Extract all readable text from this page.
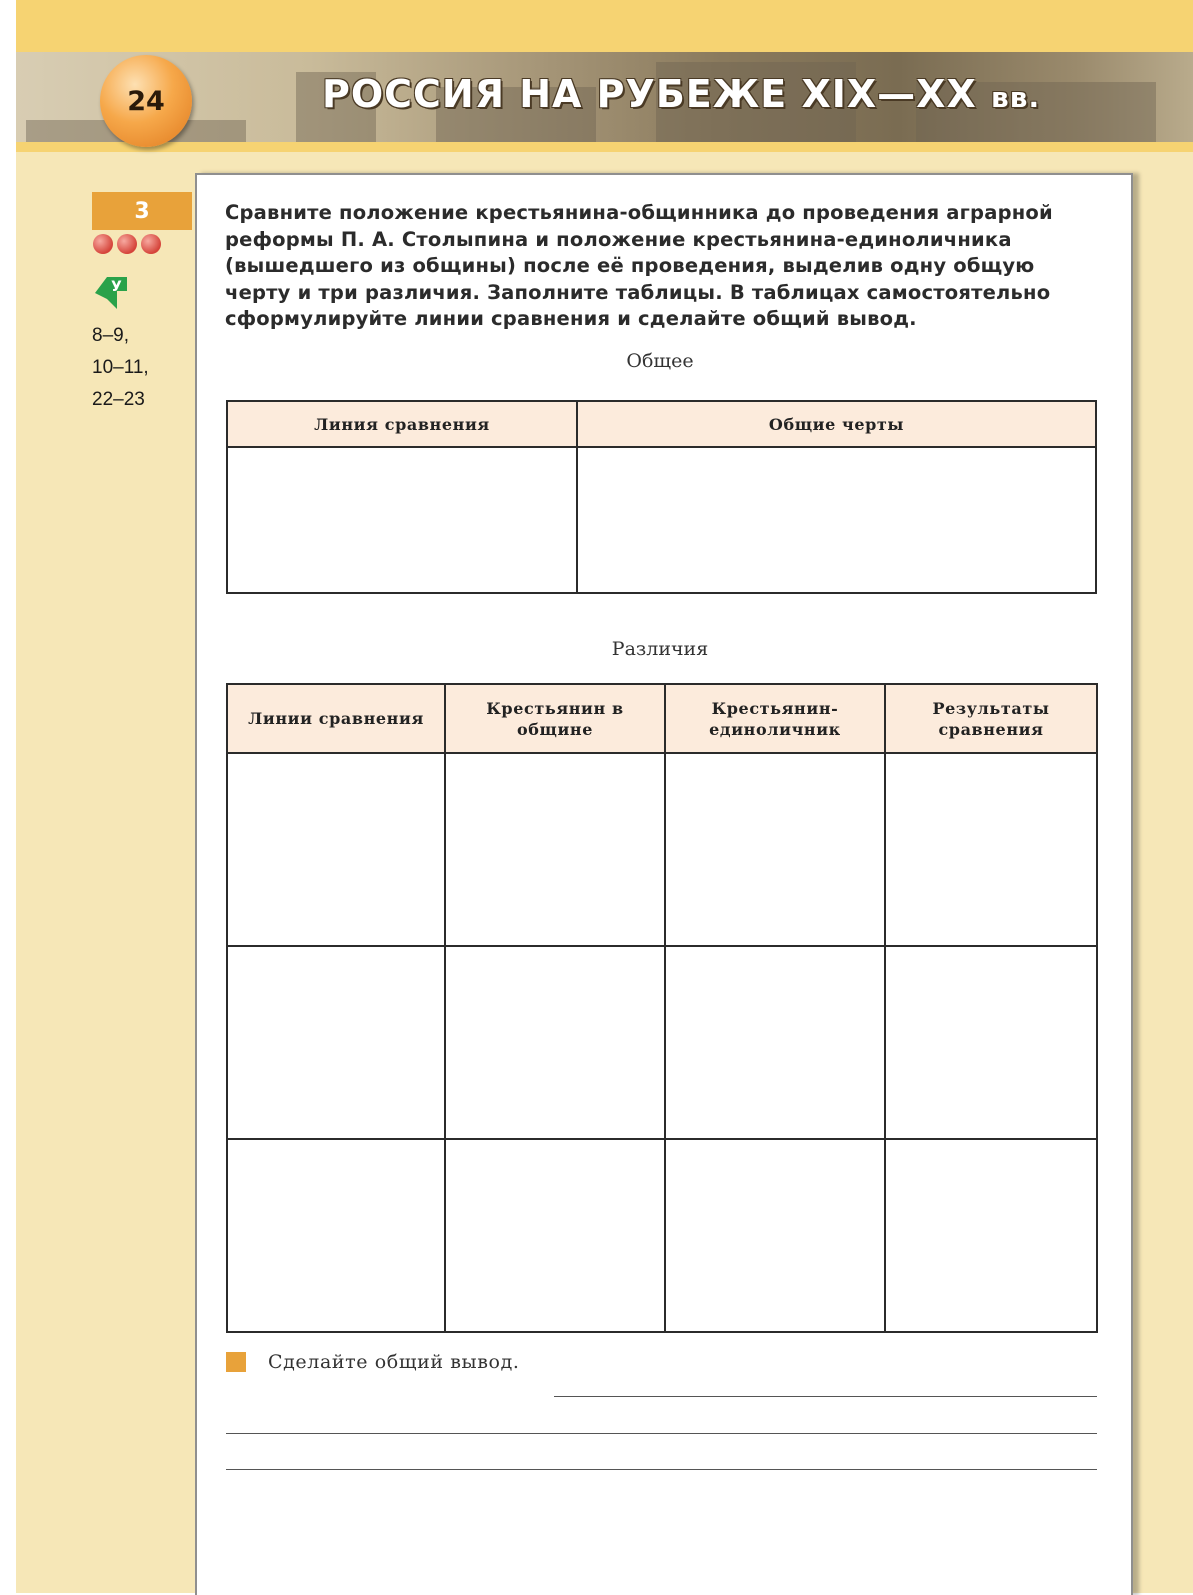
24	РОССИЯ НА РУБЕЖЕ XIX—XX вв.
3
У
8–9,
10–11,
22–23
Сравните положение крестьянина-общинника до проведения аграрной реформы П. А. Столыпина и положение крестьянина-единоличника (вышедшего из общины) после её проведения, выделив одну общую черту и три различия. Заполните таблицы. В таблицах самостоятельно сформулируйте линии сравнения и сделайте общий вывод.
Общее
Линия сравнения	Общие черты

Различия
Линии сравнения	Крестьянин в общине	Крестьянин-единоличник	Результаты сравнения

Сделайте общий вывод.
